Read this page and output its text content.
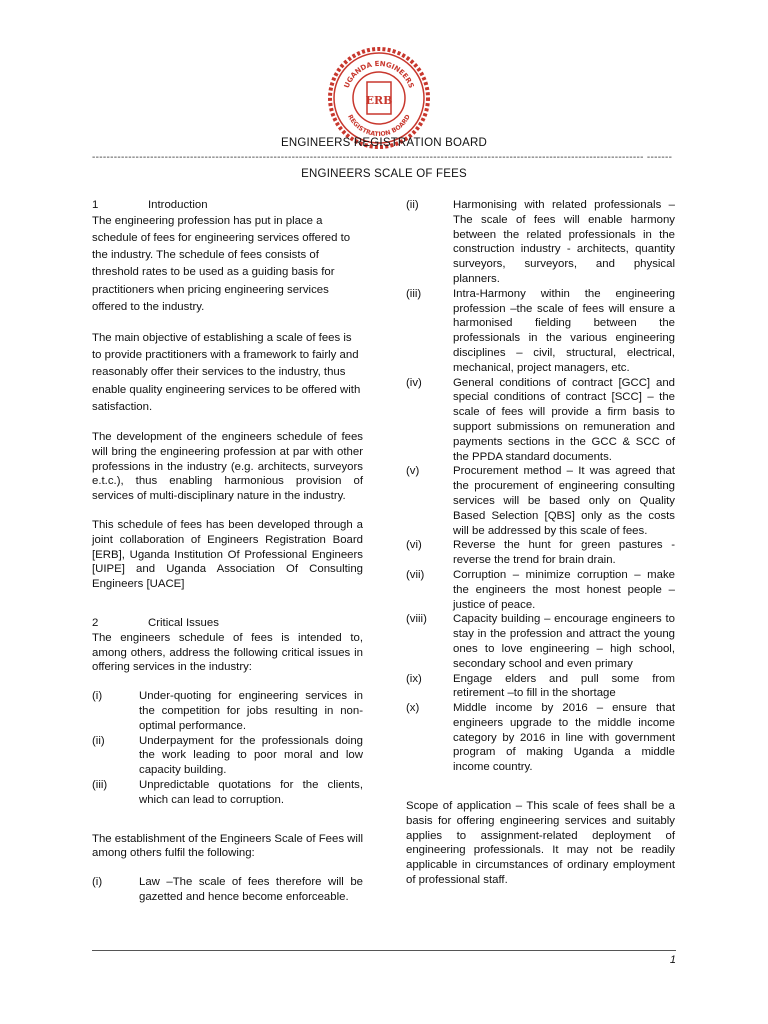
UGANDA ENGINEERS
REGISTRATION BOARD
ERB
ENGINEERS REGISTRATION BOARD
-------------------------------------------------------------------------------------------------------------------------------------------------------- -------
ENGINEERS SCALE OF FEES
1	Introduction

The engineering profession has put in place a schedule of fees for engineering services offered to the industry. The schedule of fees consists of threshold rates to be used as a guiding basis for practitioners when pricing engineering services offered to the industry.

The main objective of establishing a scale of fees is to provide practitioners with a framework to fairly and reasonably offer their services to the industry, thus enable quality engineering services to be offered with satisfaction.

The development of the engineers schedule of fees will bring the engineering profession at par with other professions in the industry (e.g. architects, surveyors e.t.c.), thus enabling harmonious provision of services of multi-disciplinary nature in the industry.

This schedule of fees has been developed through a joint collaboration of Engineers Registration Board [ERB], Uganda Institution Of Professional Engineers [UIPE] and Uganda Association Of Consulting Engineers [UACE]

2	Critical Issues

The engineers schedule of fees is intended to, among others, address the following critical issues in offering services in the industry:

(i)	Under-quoting for engineering services in the competition for jobs resulting in non-optimal performance.
(ii)	Underpayment for the professionals doing the work leading to poor moral and low capacity building.
(iii)	Unpredictable quotations for the clients, which can lead to corruption.

The establishment of the Engineers Scale of Fees will among others fulfil the following:

(i)	Law –The scale of fees therefore will be gazetted and hence become enforceable.
(ii)	Harmonising with related professionals – The scale of fees will enable harmony between the related professionals in the construction industry - architects, quantity surveyors, surveyors, and physical planners.
(iii)	Intra-Harmony within the engineering profession –the scale of fees will ensure a harmonised fielding between the professionals in the various engineering disciplines – civil, structural, electrical, mechanical, project managers, etc.
(iv)	General conditions of contract [GCC] and special conditions of contract [SCC] – the scale of fees will provide a firm basis to support submissions on remuneration and payments sections in the GCC & SCC of the PPDA standard documents.
(v)	Procurement method – It was agreed that the procurement of engineering consulting services will be based only on Quality Based Selection [QBS] only as the costs will be addressed by this scale of fees.
(vi)	Reverse the hunt for green pastures -reverse the trend for brain drain.
(vii)	Corruption – minimize corruption – make the engineers the most honest people – justice of peace.
(viii)	Capacity building – encourage engineers to stay in the profession and attract the young ones to love engineering – high school, secondary school and even primary
(ix)	Engage elders and pull some from retirement –to fill in the shortage
(x)	Middle income by 2016 – ensure that engineers upgrade to the middle income category by 2016 in line with government program of making Uganda a middle income country.

Scope of application – This scale of fees shall be a basis for offering engineering services and suitably applies to assignment-related deployment of engineering professionals. It may not be readily applicable in circumstances of ordinary employment of professional staff.

1
